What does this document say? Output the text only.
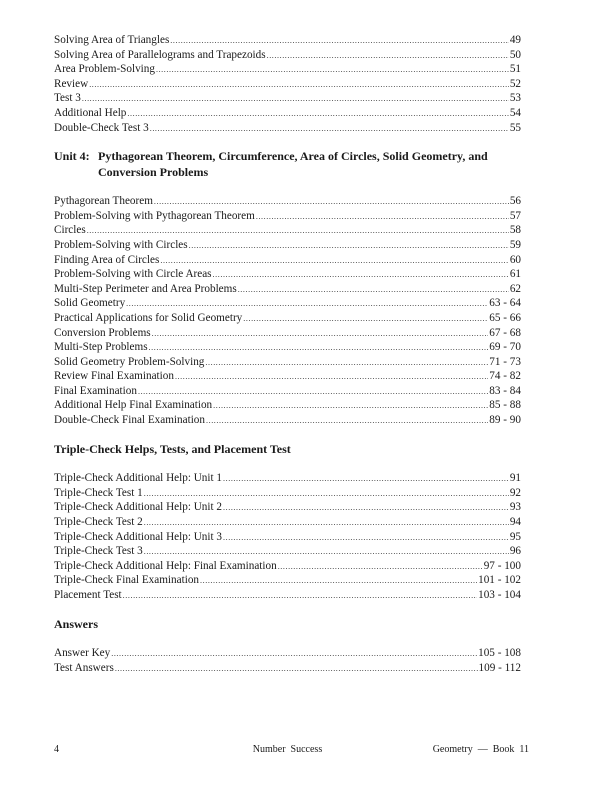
Solving Area of Triangles .....	49
Solving Area of Parallelograms and Trapezoids .....	50
Area Problem-Solving .....	51
Review .....	52
Test 3 .....	53
Additional Help .....	54
Double-Check Test 3 .....	55
Unit 4: Pythagorean Theorem, Circumference, Area of Circles, Solid Geometry, and Conversion Problems
Pythagorean Theorem .....	56
Problem-Solving with Pythagorean Theorem .....	57
Circles .....	58
Problem-Solving with Circles .....	59
Finding Area of Circles .....	60
Problem-Solving with Circle Areas .....	61
Multi-Step Perimeter and Area Problems .....	62
Solid Geometry .....	63 - 64
Practical Applications for Solid Geometry .....	65 - 66
Conversion Problems .....	67 - 68
Multi-Step Problems .....	69 - 70
Solid Geometry Problem-Solving .....	71 - 73
Review Final Examination .....	74 - 82
Final Examination .....	83 - 84
Additional Help Final Examination .....	85 - 88
Double-Check Final Examination .....	89 - 90
Triple-Check Helps, Tests, and Placement Test
Triple-Check Additional Help: Unit 1 .....	91
Triple-Check Test 1 .....	92
Triple-Check Additional Help: Unit 2 .....	93
Triple-Check Test 2 .....	94
Triple-Check Additional Help: Unit 3 .....	95
Triple-Check Test 3 .....	96
Triple-Check Additional Help: Final Examination .....	97 - 100
Triple-Check Final Examination .....	101 - 102
Placement Test .....	103 - 104
Answers
Answer Key .....	105 - 108
Test Answers .....	109 - 112
4	Number  Success	Geometry  —  Book  11
